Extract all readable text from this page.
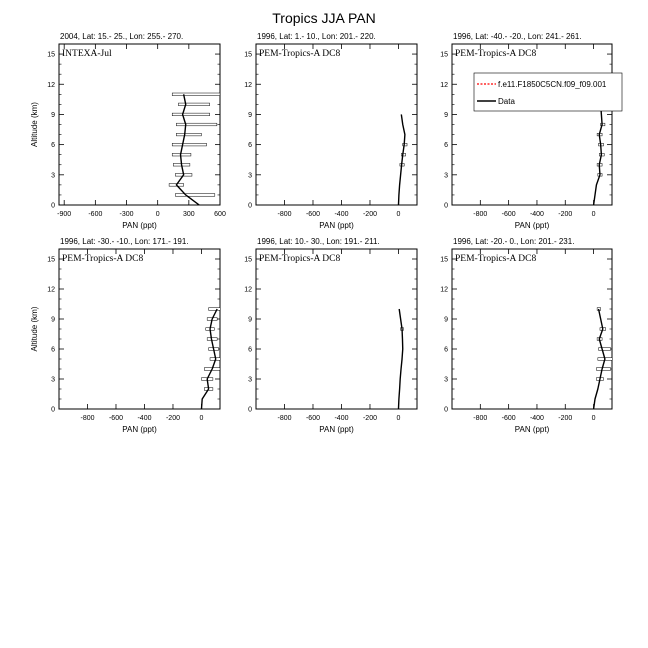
Tropics JJA PAN
2004, Lat: 15.- 25., Lon: 255.- 270.
INTEXA-Jul
-900 -600 -300	0	300	600
0
3
6
9
12
15
PAN (ppt)
Altitude (km)
1996, Lat: 1.- 10., Lon: 201.- 220.
PEM-Tropics-A DC8
-800 -600 -400 -200	0
0
3
6
9
12
15
PAN (ppt)
1996, Lat: -40.- -20., Lon: 241.- 261.
PEM-Tropics-A DC8
-800 -600 -400 -200	0
0
3
6
9
12
15
PAN (ppt)
f.e11.F1850C5CN.f09_f09.001
Data
1996, Lat: -30.- -10., Lon: 171.- 191.
PEM-Tropics-A DC8
-800 -600 -400 -200	0
0
3
6
9
12
15
PAN (ppt)
Altitude (km)
1996, Lat: 10.- 30., Lon: 191.- 211.
PEM-Tropics-A DC8
-800 -600 -400 -200	0
0
3
6
9
12
15
PAN (ppt)
1996, Lat: -20.- 0., Lon: 201.- 231.
PEM-Tropics-A DC8
-800 -600 -400 -200	0
0
3
6
9
12
15
PAN (ppt)
